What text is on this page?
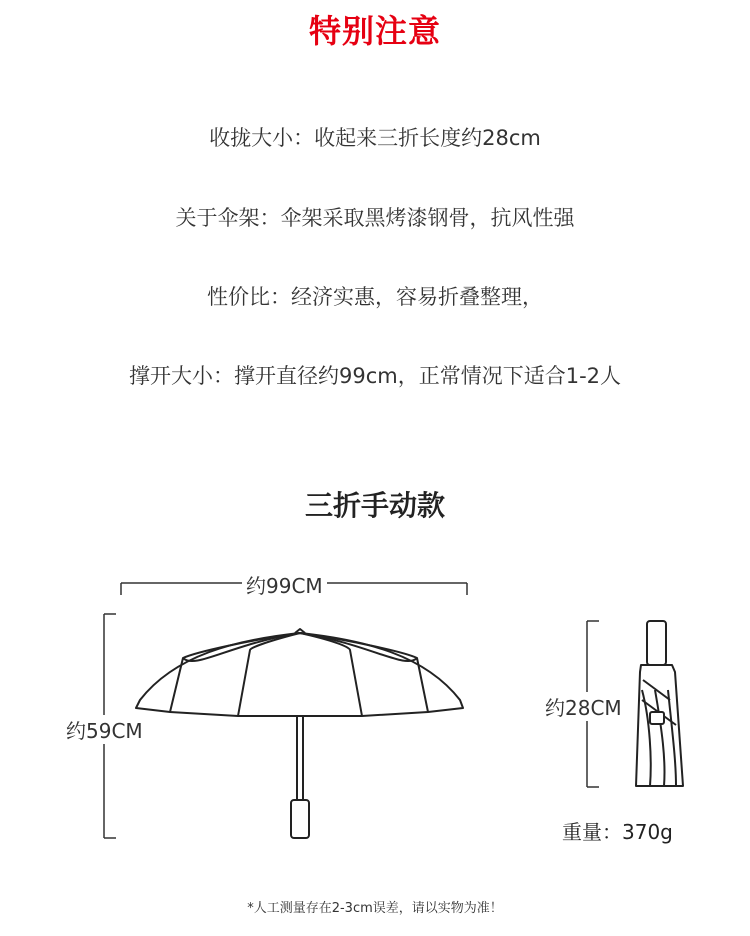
特别注意
收拢大小：收起来三折长度约28cm
关于伞架：伞架采取黑烤漆钢骨，抗风性强
性价比：经济实惠，容易折叠整理，
撑开大小：撑开直径约99cm，正常情况下适合1-2人
三折手动款
约99CM
约59CM
约28CM
重量：370g
*人工测量存在2-3cm误差，请以实物为准！
